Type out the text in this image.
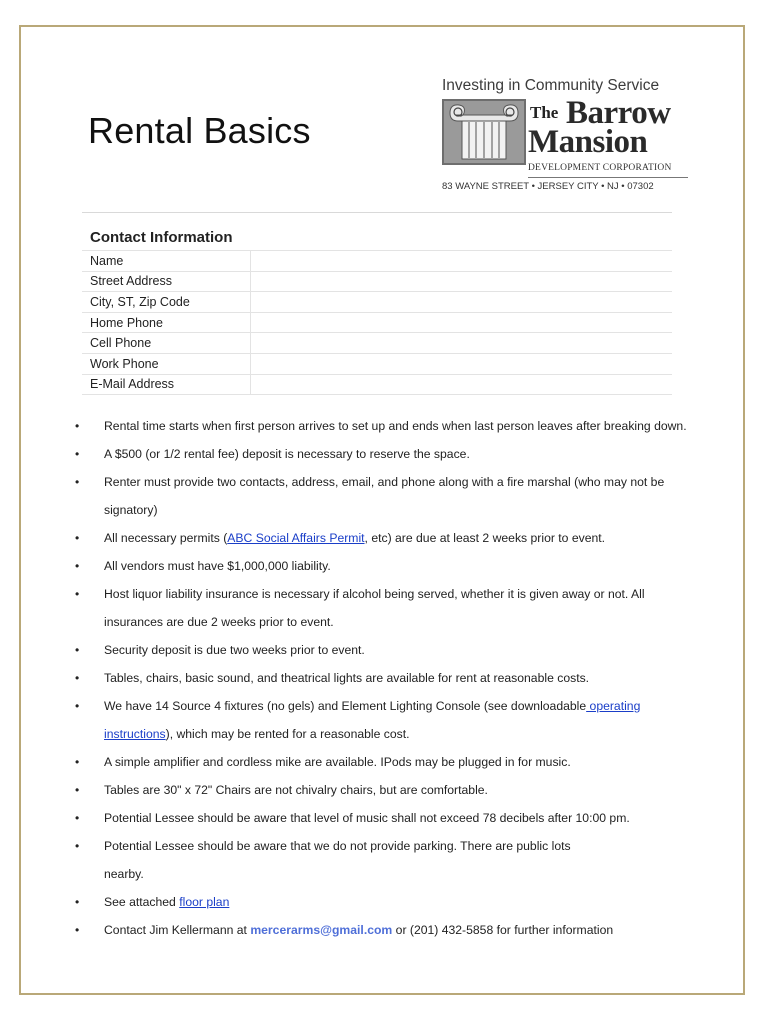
Rental Basics
Investing in Community Service
The Barrow
Mansion
DEVELOPMENT CORPORATION
83 WAYNE STREET • JERSEY CITY • NJ • 07302
Contact Information
Name	
Street Address	
City, ST, Zip Code	
Home Phone	
Cell Phone	
Work Phone	
E-Mail Address	
• Rental time starts when first person arrives to set up and ends when last person leaves after breaking down.
• A $500 (or 1/2 rental fee) deposit is necessary to reserve the space.
• Renter must provide two contacts, address, email, and phone along with a fire marshal (who may not be
signatory)
• All necessary permits (ABC Social Affairs Permit, etc) are due at least 2 weeks prior to event.
• All vendors must have $1,000,000 liability.
• Host liquor liability insurance is necessary if alcohol being served, whether it is given away or not. All
insurances are due 2 weeks prior to event.
• Security deposit is due two weeks prior to event.
• Tables, chairs, basic sound, and theatrical lights are available for rent at reasonable costs.
• We have 14 Source 4 fixtures (no gels) and Element Lighting Console (see downloadable operating
instructions), which may be rented for a reasonable cost.
• A simple amplifier and cordless mike are available. IPods may be plugged in for music.
• Tables are 30" x 72" Chairs are not chivalry chairs, but are comfortable.
• Potential Lessee should be aware that level of music shall not exceed 78 decibels after 10:00 pm.
• Potential Lessee should be aware that we do not provide parking. There are public lots
nearby.
• See attached floor plan
• Contact Jim Kellermann at mercerarms@gmail.com or (201) 432-5858 for further information
